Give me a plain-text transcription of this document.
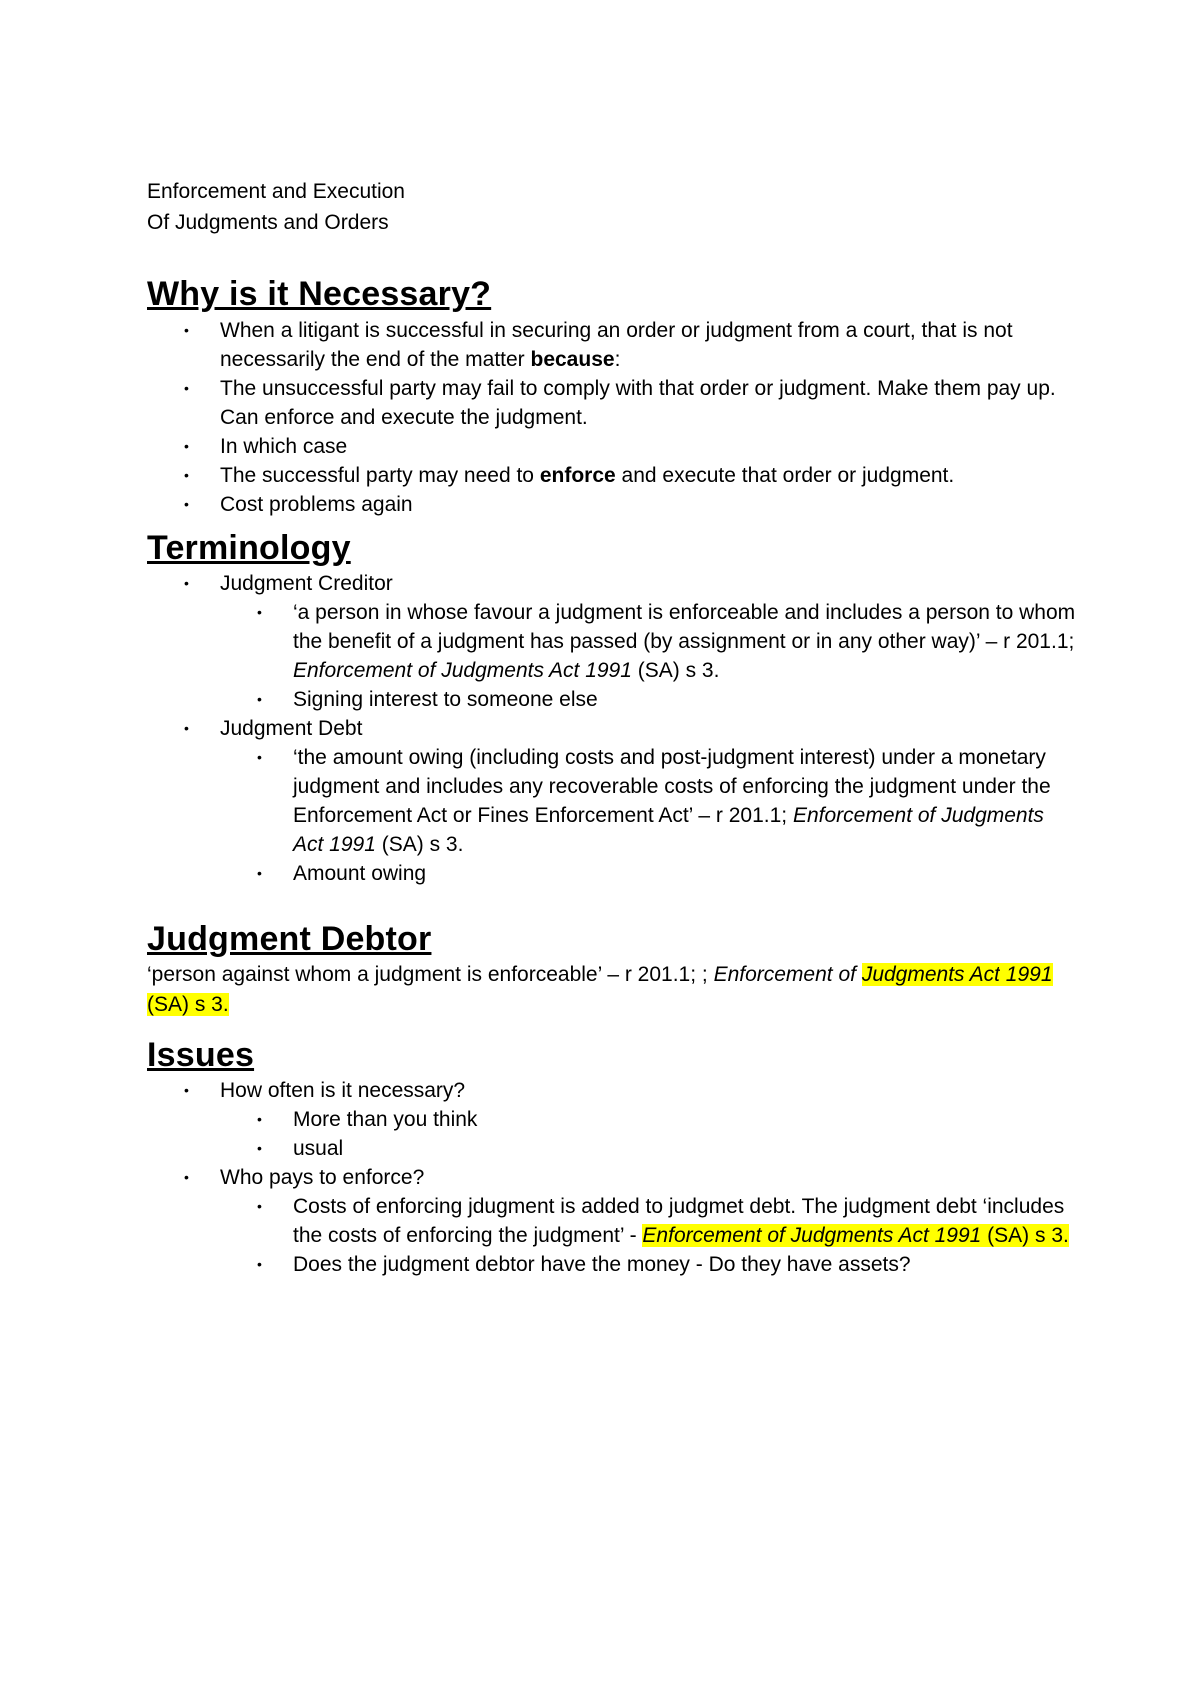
Enforcement and Execution

Of Judgments and Orders

Why is it Necessary?
• When a litigant is successful in securing an order or judgment from a court, that is not necessarily the end of the matter because:
• The unsuccessful party may fail to comply with that order or judgment. Make them pay up. Can enforce and execute the judgment.
• In which case
• The successful party may need to enforce and execute that order or judgment.
• Cost problems again
Terminology
• Judgment Creditor
• ‘a person in whose favour a judgment is enforceable and includes a person to whom the benefit of a judgment has passed (by assignment or in any other way)’ – r 201.1; Enforcement of Judgments Act 1991 (SA) s 3.
• Signing interest to someone else
• Judgment Debt
• ‘the amount owing (including costs and post-judgment interest) under a monetary judgment and includes any recoverable costs of enforcing the judgment under the Enforcement Act or Fines Enforcement Act’ – r 201.1; Enforcement of Judgments Act 1991 (SA) s 3.
• Amount owing
Judgment Debtor

‘person against whom a judgment is enforceable’ – r 201.1; ; Enforcement of Judgments Act 1991 (SA) s 3.

Issues
• How often is it necessary?
• More than you think
• usual
• Who pays to enforce?
• Costs of enforcing jdugment is added to judgmet debt. The judgment debt ‘includes the costs of enforcing the judgment’ - Enforcement of Judgments Act 1991 (SA) s 3.
• Does the judgment debtor have the money - Do they have assets?
